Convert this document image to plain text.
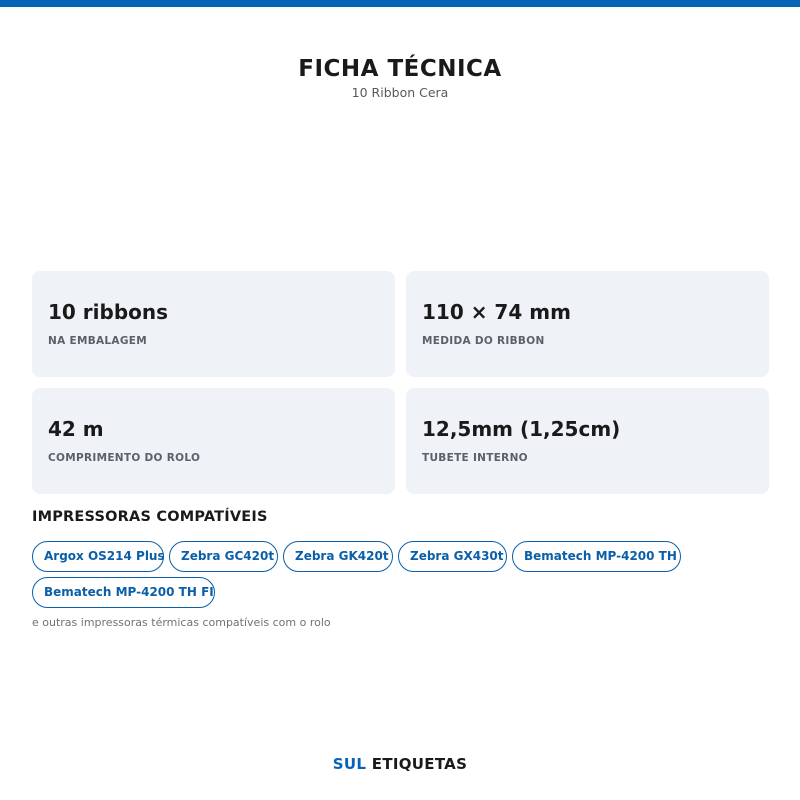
FICHA TÉCNICA
10 Ribbon Cera
10 ribbons
NA EMBALAGEM
110 × 74 mm
MEDIDA DO RIBBON
42 m
COMPRIMENTO DO ROLO
12,5mm (1,25cm)
TUBETE INTERNO
IMPRESSORAS COMPATÍVEIS
Argox OS214 Plus	Zebra GC420t	Zebra GK420t	Zebra GX430t	Bematech MP-4200 TH
Bematech MP-4200 TH FI
e outras impressoras térmicas compatíveis com o rolo
SUL ETIQUETAS
